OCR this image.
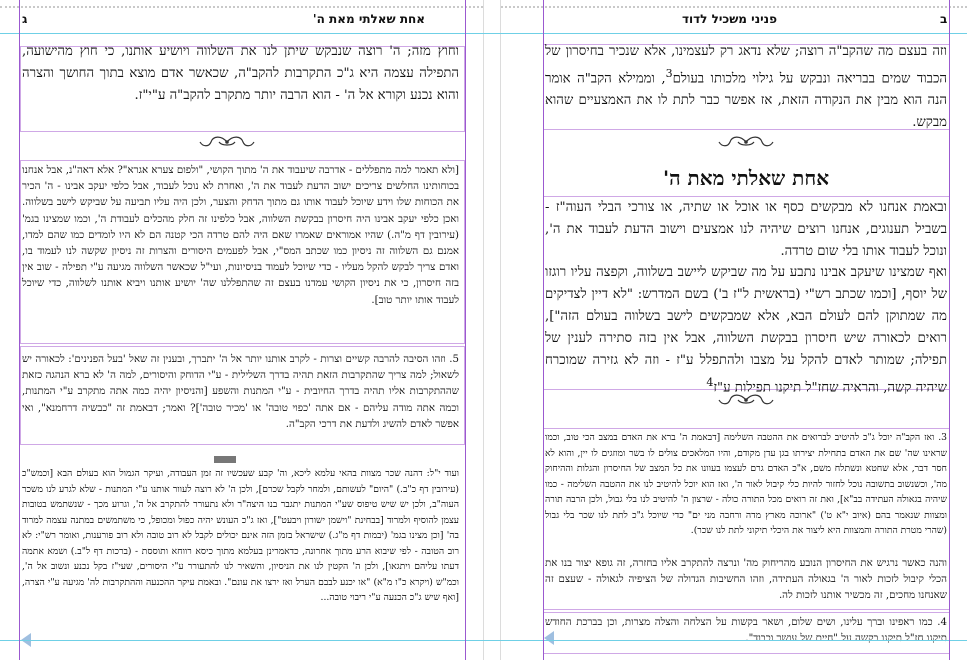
ג	אחת שאלתי מאת ה'
וחוץ מזה; ה' רוצה שנבקש שיתן לנו את השלווה ויושיע אותנו, כי חוץ מהישועה, התפילה עצמה היא ג"כ התקרבות להקב"ה, שכאשר אדם מוצא בתוך החושך והצרה והוא נכנע וקורא אל ה' - הוא הרבה יותר מתקרב להקב"ה ע"י"ז.
[ולא תאמר למה מתפללים - אדרבה שיעבוד את ה' מתוך הקושי, "ולפום צערא אגרא"? אלא דאה"נ, אבל אנחנו בכוחותינו החלשים צריכים ישוב הדעת לעבוד את ה', ואחרת לא נוכל לעבוד, אבל כלפי יעקב אבינו - ה' הכיר את הכוחות שלו וידע שיוכל לעבוד אותו גם מתוך הדחק והצער, ולכן היה עליו תביעה על שביקש לישב בשלווה. ואכן כלפי יעקב אבינו היה חיסרון בבקשת השלווה, אבל כלפינו זה חלק מהכלים לעבודת ה', וכמו שמצינו בגמ' (עירובין דף מ"ה.) שהיו אמוראים שאמרו שאם היה להם טרדה הכי קטנה הם לא היו לומדים כמו שהם למדו, אמנם גם השלווה זה ניסיון כמו שכתב המס"י, אבל לפעמים היסורים והצרות זה ניסיון שקשה לנו לעמוד בו, ואדם צריך לבקש להקל מעליו - כדי שיוכל לעמוד בניסיונות, ועי"ל שכאשר השלווה מגיעה ע"י תפילה - שוב אין בזה חיסרון, כי את ניסיון הקושי עמדנו בעצם זה שהתפללנו שה' יושיע אותנו ויביא אותנו לשלווה, כדי שיוכל לעבוד אותו יותר טוב].
5. וזהו הסיבה להרבה קשיים וצרות - לקרב אותנו יותר אל ה' יתברך, ובענין זה שאל 'בעל הפנינים': לכאורה יש לשאול; למה צריך שהתקרבות הזאת תהיה בדרך השלילית - ע"י הדוחק והיסורים, למה ה' לא ברא הנהגה כזאת שההתקרבות אליו תהיה בדרך החיובית - ע"י המתנות והשפע [והניסיון יהיה כמה אתה מתקרב ע"י המתנות, וכמה אתה מודה עליהם - אם אתה 'כפוי טובה' או 'מכיר טובה']? ואמר; דבאמת זה "כבשיה דרחמנא", ואי אפשר לאדם להשיג ולדעת את דרכי הקב"ה.
ועוד י"ל: דהנה שכר מצוות בהאי עלמא ליכא, וה' קבע שעכשיו זה זמן העבודה, ועיקר הגמול הוא בעולם הבא [וכמש"כ (עירובין דף כ"ב.) "היום" לעשותם, ולמחר לקבל שכרם], ולכן ה' לא רוצה לעוור אותנו ע"י המתנות - שלא לגרע לנו משכר העוה"ב, ולכן יש שיש טיפוס שע"י המתנות יתגבר בנו היצה"ר ולא נתעורר להתקרב אל ה', וגרוע מכך - שנשתמש בטובות עצמן להוסיף ולמרוד [בבחינת "וישמן ישורון ויבעט"], ואז ג"כ העונש יהיה כפול ומכופל, כי משתמשים במתנה עצמה למרוד בה' [וכן מצינו בגמ' (יבמות דף מ"ג.) שישראל בזמן הזה אינם יכולים לקבל לא רוב טובה ולא רוב פורענות, ואומר רש"י: לא רוב הטובה - לפי שיבוא הרע מתוך אחרונה, כדאמרינן בעלמא מתוך כיסא רווחא ותוססת - (ברכות דף ל"ב.) ושמא אתמה דעתו עליהם ויתגאו], ולכן ה' הקטין לנו את הניסיון, והשאיר לנו להתעורר ע"י היסורים, שעי"ז בקל נכנע ונשוב אל ה', וכמ"ש (ויקרא כ"ו מ"א) "או יכנע לבבם הערל ואז ירצו את עונם". ובאמת עיקר ההכנעה וההתקרבות לה' מגיעה ע"י הצרה, [ואף שיש ג"כ הכנעה ע"י ריבוי טובה...
ב
פניני משכיל לדוד
וזה בעצם מה שהקב"ה רוצה; שלא נדאג רק לעצמינו, אלא שנכיר בחיסרון של הכבוד שמים בבריאה ונבקש על גילוי מלכותו בעולם$^3$, וממילא הקב"ה אומר הנה הוא מבין את הנקודה הזאת, אז אפשר כבר לתת לו את האמצעיים שהוא מבקש.
אחת שאלתי מאת ה'
ובאמת אנחנו לא מבקשים כסף או אוכל או שתיה, או צורכי הבלי העוה"ז - בשביל תענוגים, אנחנו רוצים שיהיה לנו אמצעים וישוב הדעת לעבוד את ה', ונוכל לעבוד אותו בלי שום טרדה.
ואף שמצינו שיעקב אבינו נתבע על מה שביקש ליישב בשלווה, וקפצה עליו רוגזו של יוסף, [וכמו שכתב רש"י (בראשית ל"ז ב') בשם המדרש: "לא דיין לצדיקים מה שמתוקן להם לעולם הבא, אלא שמבקשים לישב בשלווה בעולם הזה"], רואים לכאורה שיש חיסרון בבקשת השלווה, אבל אין בזה סתירה לענין של תפילה; שמותר לאדם להקל על מצבו ולהתפלל ע"ז - וזה לא גזירה שמוכרח שיהיה קשה, והראיה שחז"ל תיקנו תפילות ע"ז$^4$
3. ואז הקב"ה יוכל ג"כ להיטיב לברואים את ההטבה השלימה [דבאמת ה' ברא את האדם במצב הכי טוב, וכמו שראינו שה' שם את האדם בתחילת יצירתו בגן עדן מקודם, והיו המלאכים צולים לו בשר ומוזגים לו יין, והוא לא חסר דבר, אלא שחטא ונשתלח משם, א"כ האדם גרם לעצמו בעוונו את כל המצב של החיסרון והגלות וההיחוק מה', וכשנשוב בתשובה נוכל לחזור להיות כלי קיבול לאור ה', ואז הוא יוכל להיטיב לנו את ההטבה השלימה - כמו שיהיה בגאולה העתידה בב"א], ואת זה רואים מכל התורה כולה - שרצון ה' להיטיב לנו בלי גבול, ולכן הרבה תורה ומצוות שנאמר בהם (איוב י"א ט') "ארוכה מארץ מדה ורחבה מני ים" כדי שיוכל ג"כ לתת לנו שכר בלי גבול (שהרי מטרת התורה והמצוות היא ליצור את היכלי תיקוני לתת לנו שכר).
והנה כאשר נרגיש את החיסרון הנובע מהריחוק מה' ונרצה להתקרב אליו בחזרה, זה גופא יצור בנו את הכלי קיבול לזכות לאור ה' בגאולה העתידה, וזהו החשיבות הגדולה של הציפיה לגאולה - שעצם זה שאנחנו מחכים, זה מכשיר אותנו לזכות לה.
4. כמו ראפינו וברך עלינו, ושים שלום, ושאר בקשות על הצלחה והצלה מצרות, וכן בברכת החודש תיקנו חז"ל תיקנו בקשה על "חיים של עושר וכבוד".
